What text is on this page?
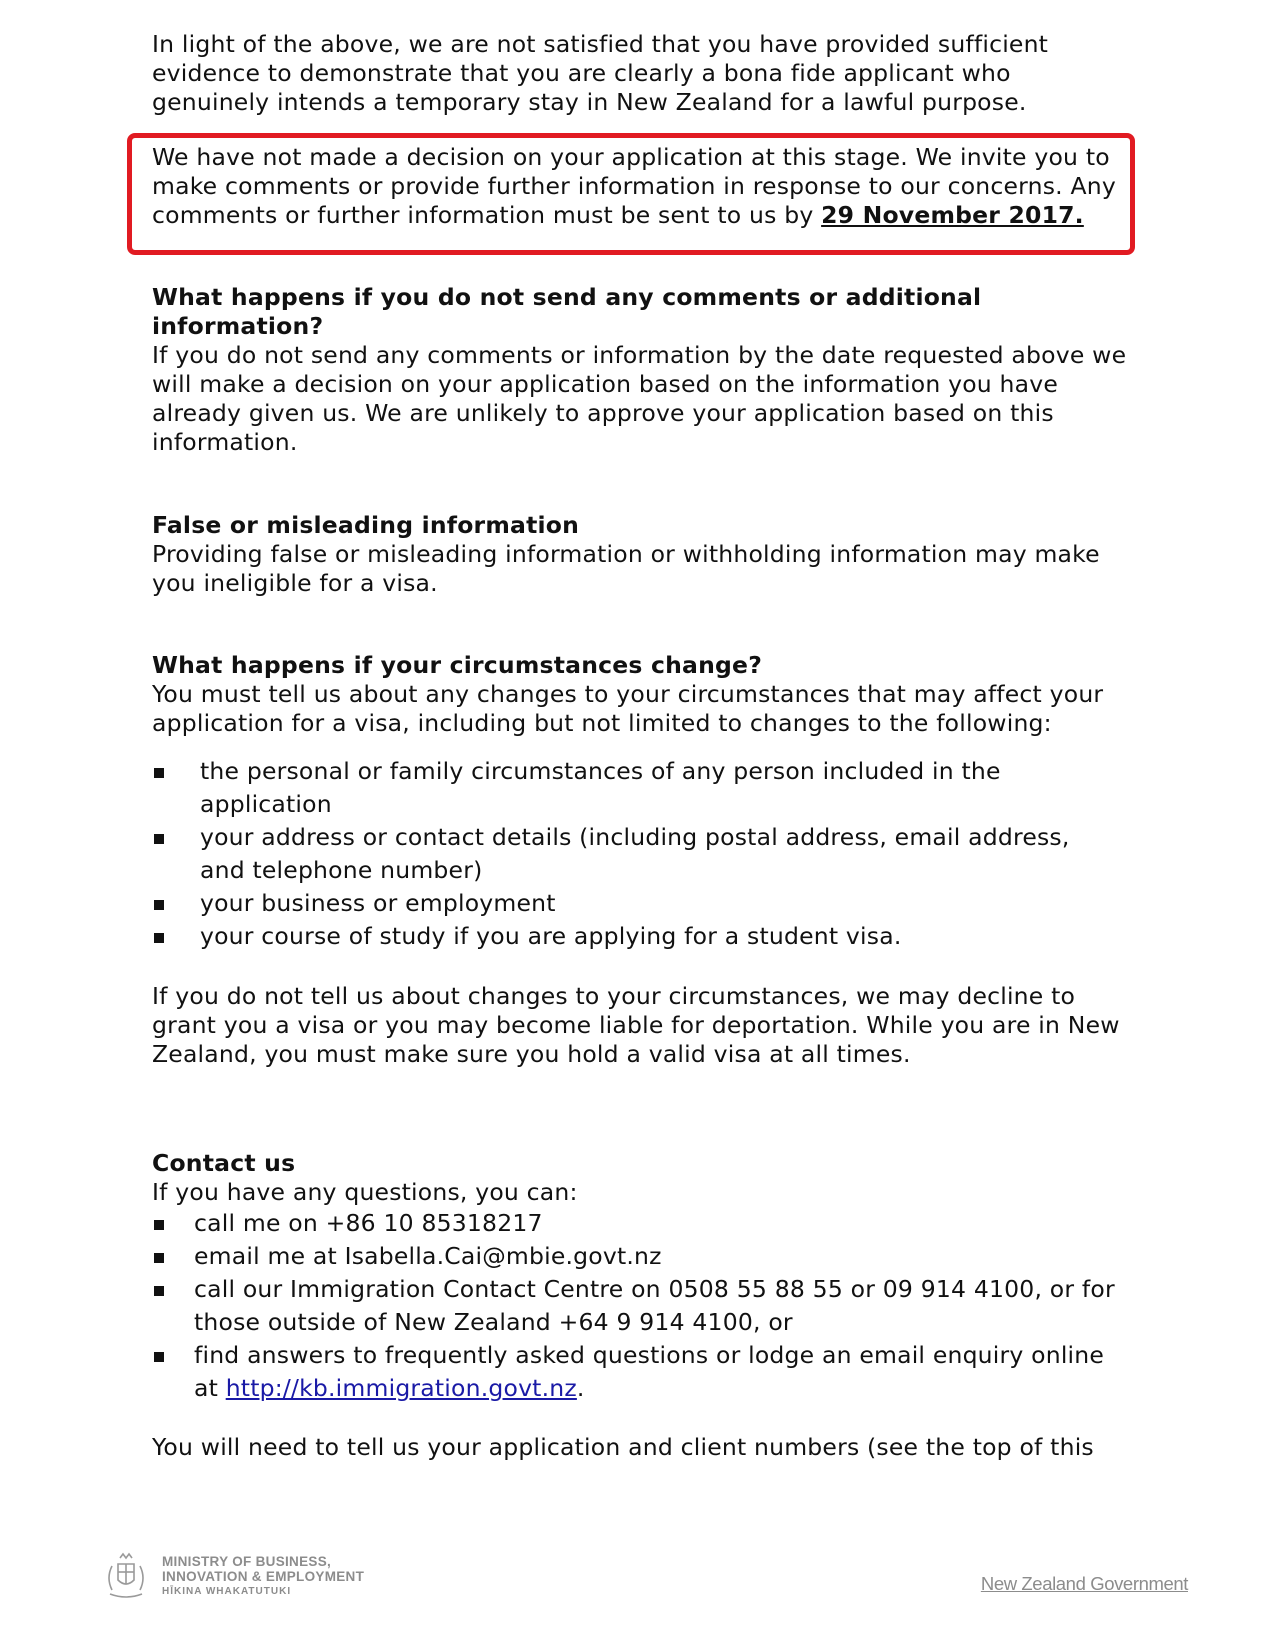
In light of the above, we are not satisfied that you have provided sufficient evidence to demonstrate that you are clearly a bona fide applicant who genuinely intends a temporary stay in New Zealand for a lawful purpose.

We have not made a decision on your application at this stage. We invite you to make comments or provide further information in response to our concerns. Any comments or further information must be sent to us by 29 November 2017.

What happens if you do not send any comments or additional information?

If you do not send any comments or information by the date requested above we will make a decision on your application based on the information you have already given us. We are unlikely to approve your application based on this information.

False or misleading information

Providing false or misleading information or withholding information may make you ineligible for a visa.

What happens if your circumstances change?

You must tell us about any changes to your circumstances that may affect your application for a visa, including but not limited to changes to the following:

the personal or family circumstances of any person included in the application
your address or contact details (including postal address, email address, and telephone number)
your business or employment
your course of study if you are applying for a student visa.

If you do not tell us about changes to your circumstances, we may decline to grant you a visa or you may become liable for deportation. While you are in New Zealand, you must make sure you hold a valid visa at all times.

Contact us

If you have any questions, you can:

call me on +86 10 85318217
email me at Isabella.Cai@mbie.govt.nz
call our Immigration Contact Centre on 0508 55 88 55 or 09 914 4100, or for those outside of New Zealand +64 9 914 4100, or
find answers to frequently asked questions or lodge an email enquiry online at http://kb.immigration.govt.nz.

You will need to tell us your application and client numbers (see the top of this

MINISTRY OF BUSINESS,
INNOVATION & EMPLOYMENT
HĪKINA WHAKATUTUKI	New Zealand Government
